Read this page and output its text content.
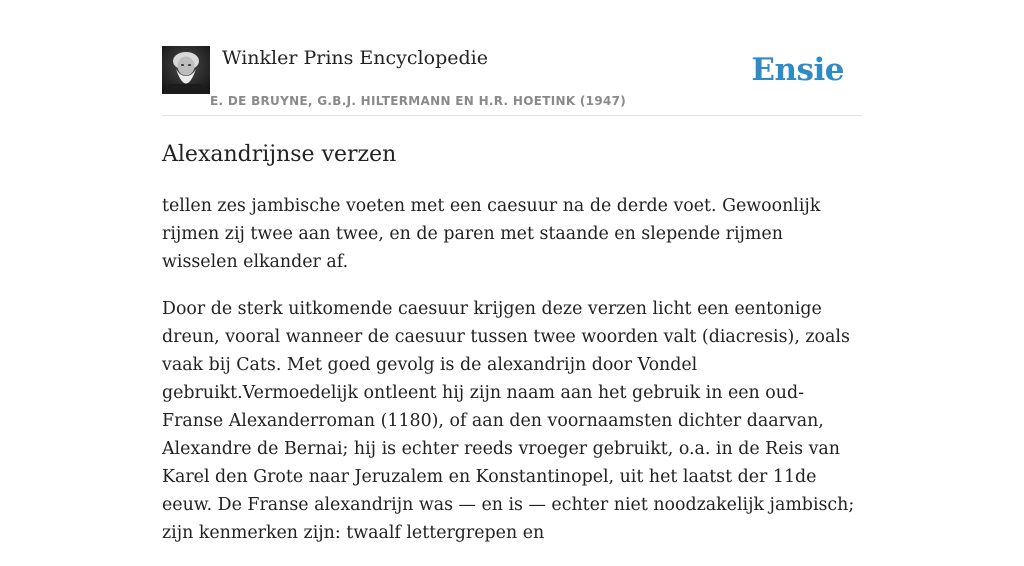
Winkler Prins Encyclopedie
E. DE BRUYNE, G.B.J. HILTERMANN EN H.R. HOETINK (1947)
Ensie
Alexandrijnse verzen

tellen zes jambische voeten met een caesuur na de derde voet. Gewoonlijk rijmen zij twee aan twee, en de paren met staande en slepende rijmen wisselen elkander af.

Door de sterk uitkomende caesuur krijgen deze verzen licht een eentonige dreun, vooral wanneer de caesuur tussen twee woorden valt (diacresis), zoals vaak bij Cats. Met goed gevolg is de alexandrijn door Vondel gebruikt.Vermoedelijk ontleent hij zijn naam aan het gebruik in een oud-Franse Alexanderroman (1180), of aan den voornaamsten dichter daarvan, Alexandre de Bernai; hij is echter reeds vroeger gebruikt, o.a. in de Reis van Karel den Grote naar Jeruzalem en Konstantinopel, uit het laatst der 11de eeuw. De Franse alexandrijn was — en is — echter niet noodzakelijk jambisch; zijn kenmerken zijn: twaalf lettergrepen en
